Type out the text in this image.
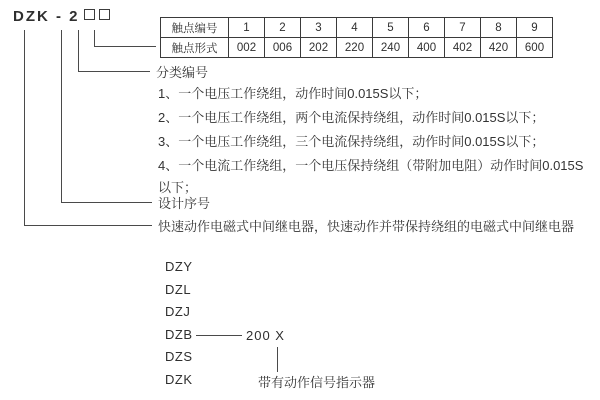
DZK - 2
触点编号	1	2	3	4	5	6	7	8	9
触点形式	002	006	202	220	240	400	402	420	600
分类编号
1、一个电压工作绕组，动作时间0.015S以下；
2、一个电压工作绕组，两个电流保持绕组，动作时间0.015S以下；
3、一个电压工作绕组，三个电流保持绕组，动作时间0.015S以下；
4、一个电流工作绕组，一个电压保持绕组（带附加电阻）动作时间0.015S
以下；
设计序号
快速动作电磁式中间继电器，快速动作并带保持绕组的电磁式中间继电器
DZY
DZL
DZJ
DZB
DZS
DZK
200 X
带有动作信号指示器
